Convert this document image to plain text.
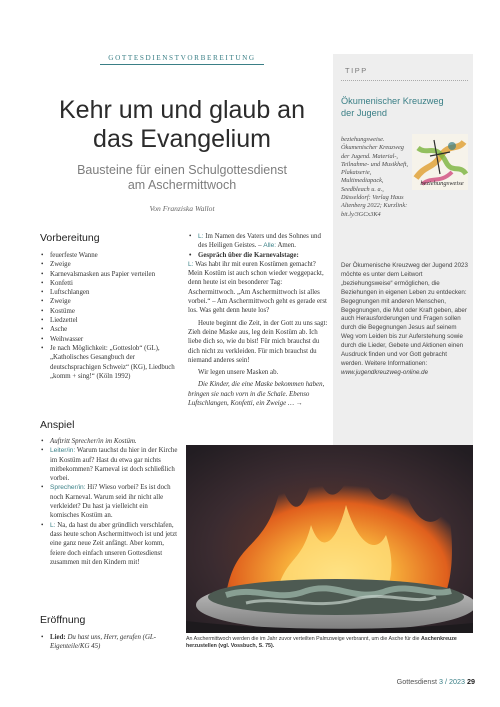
GOTTESDIENSTVORBEREITUNG
Kehr um und glaub an
das Evangelium
Bausteine für einen Schulgottesdienst
am Aschermittwoch
Von Franziska Wallot
Vorbereitung
• feuerfeste Wanne
• Zweige
• Karnevalsmasken aus Papier verteilen
• Konfetti
• Luftschlangen
• Zweige
• Kostüme
• Liedzettel
• Asche
• Weihwasser
• Je nach Möglichkeit: „Gotteslob“ (GL), „Katholisches Gesangbuch der deutschsprachigen Schweiz“ (KG), Liedbuch „komm + sing!“ (Köln 1992)
Anspiel
• Auftritt Sprecher/in im Kostüm.
• Leiter/in: Warum tauchst du hier in der Kirche im Kostüm auf? Hast du etwa gar nichts mitbekommen? Karneval ist doch schließlich vorbei.
• Sprecher/in: Hi? Wieso vorbei? Es ist doch noch Karneval. Warum seid ihr nicht alle verkleidet? Du hast ja vielleicht ein komisches Kostüm an.
• L: Na, da hast du aber gründlich verschlafen, dass heute schon Aschermittwoch ist und jetzt eine ganz neue Zeit anfängt. Aber komm, feiere doch einfach unseren Gottesdienst zusammen mit den Kindern mit!
Eröffnung
• Lied: Du hast uns, Herr, gerufen (GL-Eigenteile/KG 45)
• L: Im Namen des Vaters und des Sohnes und des Heiligen Geistes. – Alle: Amen.
• Gespräch über die Karnevalstage:

L: Was habt ihr mit euren Kostümen gemacht? Mein Kostüm ist auch schon wieder weggepackt, denn heute ist ein besonderer Tag: Aschermittwoch. „Am Aschermittwoch ist alles vorbei.“ – Am Aschermittwoch geht es gerade erst los. Was geht denn heute los?

Heute beginnt die Zeit, in der Gott zu uns sagt: Zieh deine Maske aus, leg dein Kostüm ab. Ich liebe dich so, wie du bist! Für mich brauchst du dich nicht zu verkleiden. Für mich brauchst du niemand anderes sein!

Wir legen unsere Masken ab.

Die Kinder, die eine Maske bekommen haben, bringen sie nach vorn in die Schale. Ebenso Luftschlangen, Konfetti, ein Zweige … →

TIPP
Ökumenischer Kreuzweg
der Jugend
beziehungsweise. Ökumenischer Kreuzweg der Jugend. Material-, Teilnahme- und Musikheft, Plakatserie, Multimediapack, Seedbleach u. a., Düsseldorf: Verlag Haus Altenberg 2022; Kurzlink: bit.ly/3GCx3K4
beziehungsweise
Der Ökumenische Kreuzweg der Jugend 2023 möchte es unter dem Leitwort „beziehungsweise“ ermöglichen, die Beziehungen in eigenen Leben zu entdecken: Begegnungen mit anderen Menschen, Begegnungen, die Mut oder Kraft geben, aber auch Herausforderungen und Fragen sollen durch die Begegnungen Jesus auf seinem Weg vom Leiden bis zur Auferstehung sowie durch die Lieder, Gebete und Aktionen einen Ausdruck finden und vor Gott gebracht werden. Weitere Informationen: www.jugendkreuzweg-online.de
An Aschermittwoch werden die im Jahr zuvor verteilten Palmzweige verbrannt, um die Asche für die Aschenkreuze herzustellen (vgl. Vossbuch, S. 75).
Gottesdienst 3 / 2023 29
